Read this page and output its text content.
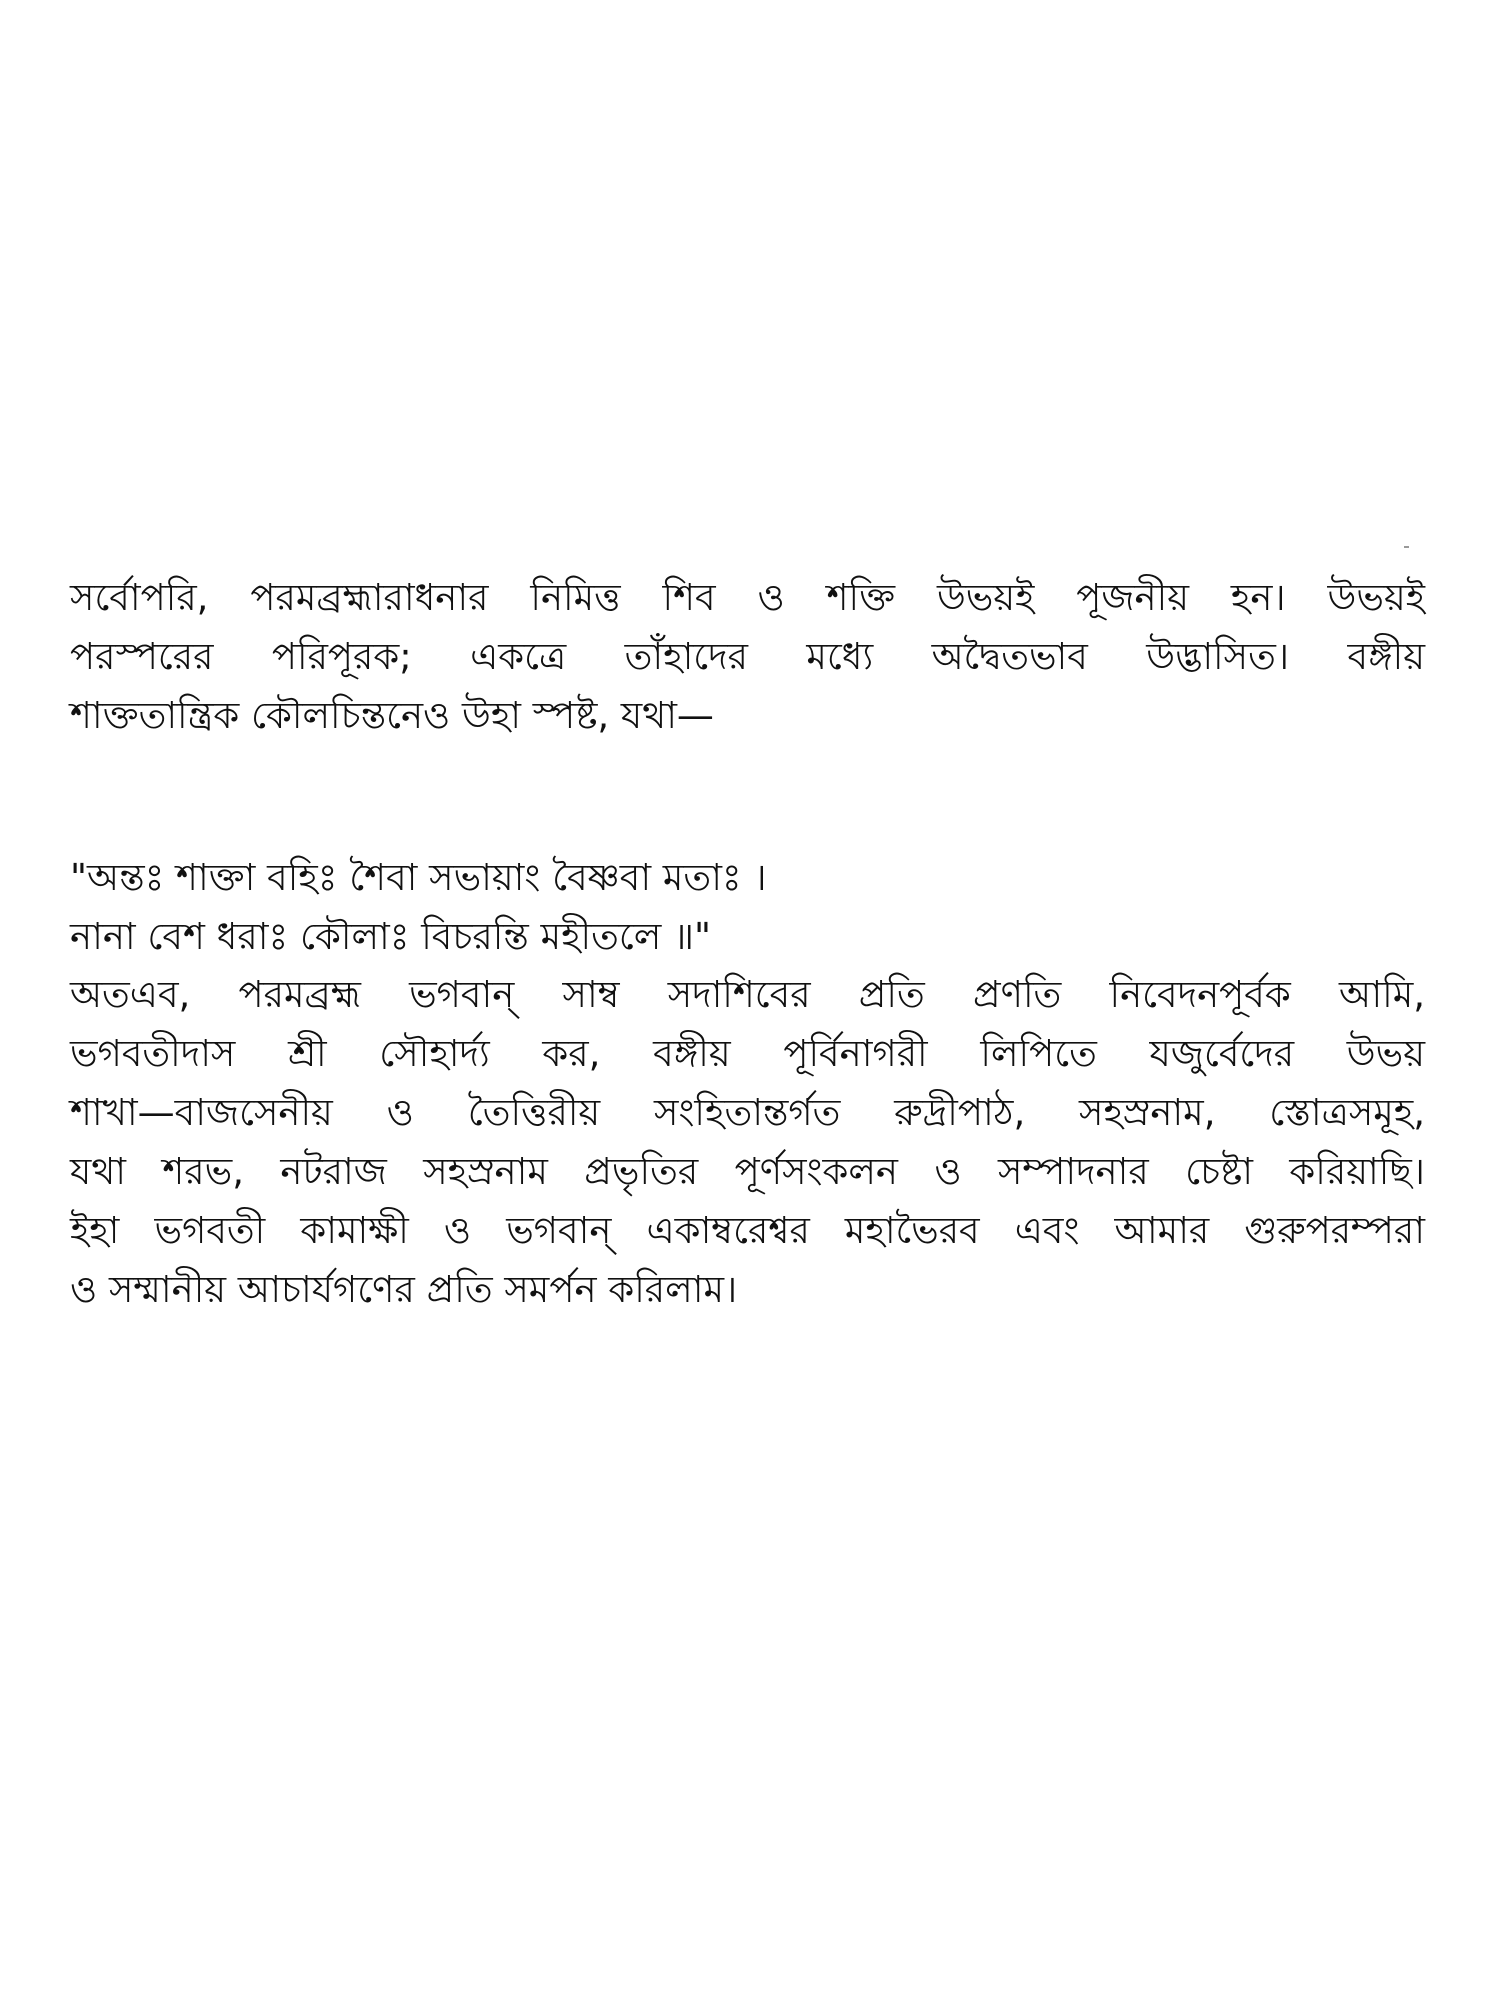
সর্বোপরি, পরমব্রহ্মারাধনার নিমিত্ত শিব ও শক্তি উভয়ই পূজনীয় হন। উভয়ই
পরস্পরের পরিপূরক; একত্রে তাঁহাদের মধ্যে অদ্বৈতভাব উদ্ভাসিত। বঙ্গীয়
শাক্ততান্ত্রিক কৌলচিন্তনেও উহা স্পষ্ট, যথা—
"অন্তঃ শাক্তা বহিঃ শৈবা সভায়াং বৈষ্ণবা মতাঃ ।
নানা বেশ ধরাঃ কৌলাঃ বিচরন্তি মহীতলে ॥"
অতএব, পরমব্রহ্ম ভগবান্ সাম্ব সদাশিবের প্রতি প্রণতি নিবেদনপূর্বক আমি,
ভগবতীদাস শ্রী সৌহার্দ্য কর, বঙ্গীয় পূর্বিনাগরী লিপিতে যজুর্বেদের উভয়
শাখা—বাজসেনীয় ও তৈত্তিরীয় সংহিতান্তর্গত রুদ্রীপাঠ, সহস্রনাম, স্তোত্রসমূহ,
যথা শরভ, নটরাজ সহস্রনাম প্রভৃতির পূর্ণসংকলন ও সম্পাদনার চেষ্টা করিয়াছি।
ইহা ভগবতী কামাক্ষী ও ভগবান্ একাম্বরেশ্বর মহাভৈরব এবং আমার গুরুপরম্পরা
ও সম্মানীয় আচার্যগণের প্রতি সমর্পন করিলাম।
